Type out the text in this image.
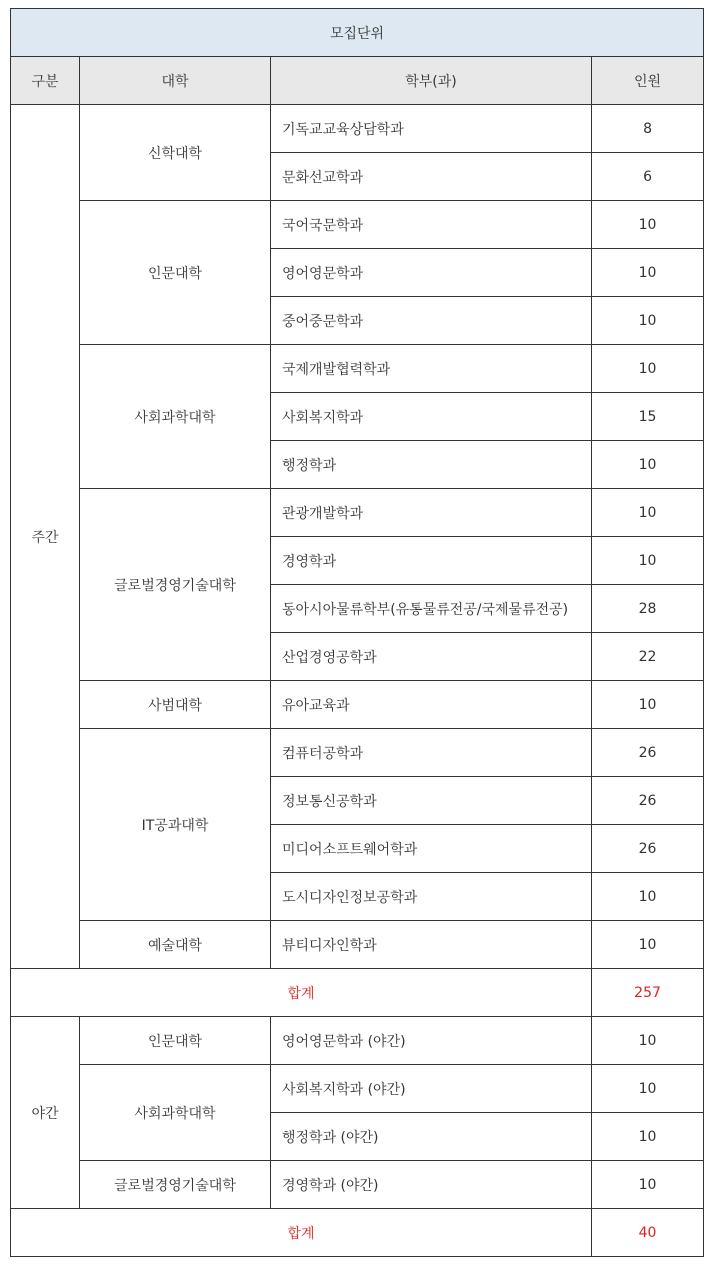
모집단위			
구분	대학	학부(과)	인원
주간	신학대학	기독교교육상담학과	8
		문화선교학과	6
	인문대학	국어국문학과	10
		영어영문학과	10
		중어중문학과	10
	사회과학대학	국제개발협력학과	10
		사회복지학과	15
		행정학과	10
	글로벌경영기술대학	관광개발학과	10
		경영학과	10
		동아시아물류학부(유통물류전공/국제물류전공)	28
		산업경영공학과	22
	사범대학	유아교육과	10
	IT공과대학	컴퓨터공학과	26
		정보통신공학과	26
		미디어소프트웨어학과	26
		도시디자인정보공학과	10
	예술대학	뷰티디자인학과	10
합계			257
야간	인문대학	영어영문학과 (야간)	10
	사회과학대학	사회복지학과 (야간)	10
		행정학과 (야간)	10
	글로벌경영기술대학	경영학과 (야간)	10
합계			40
